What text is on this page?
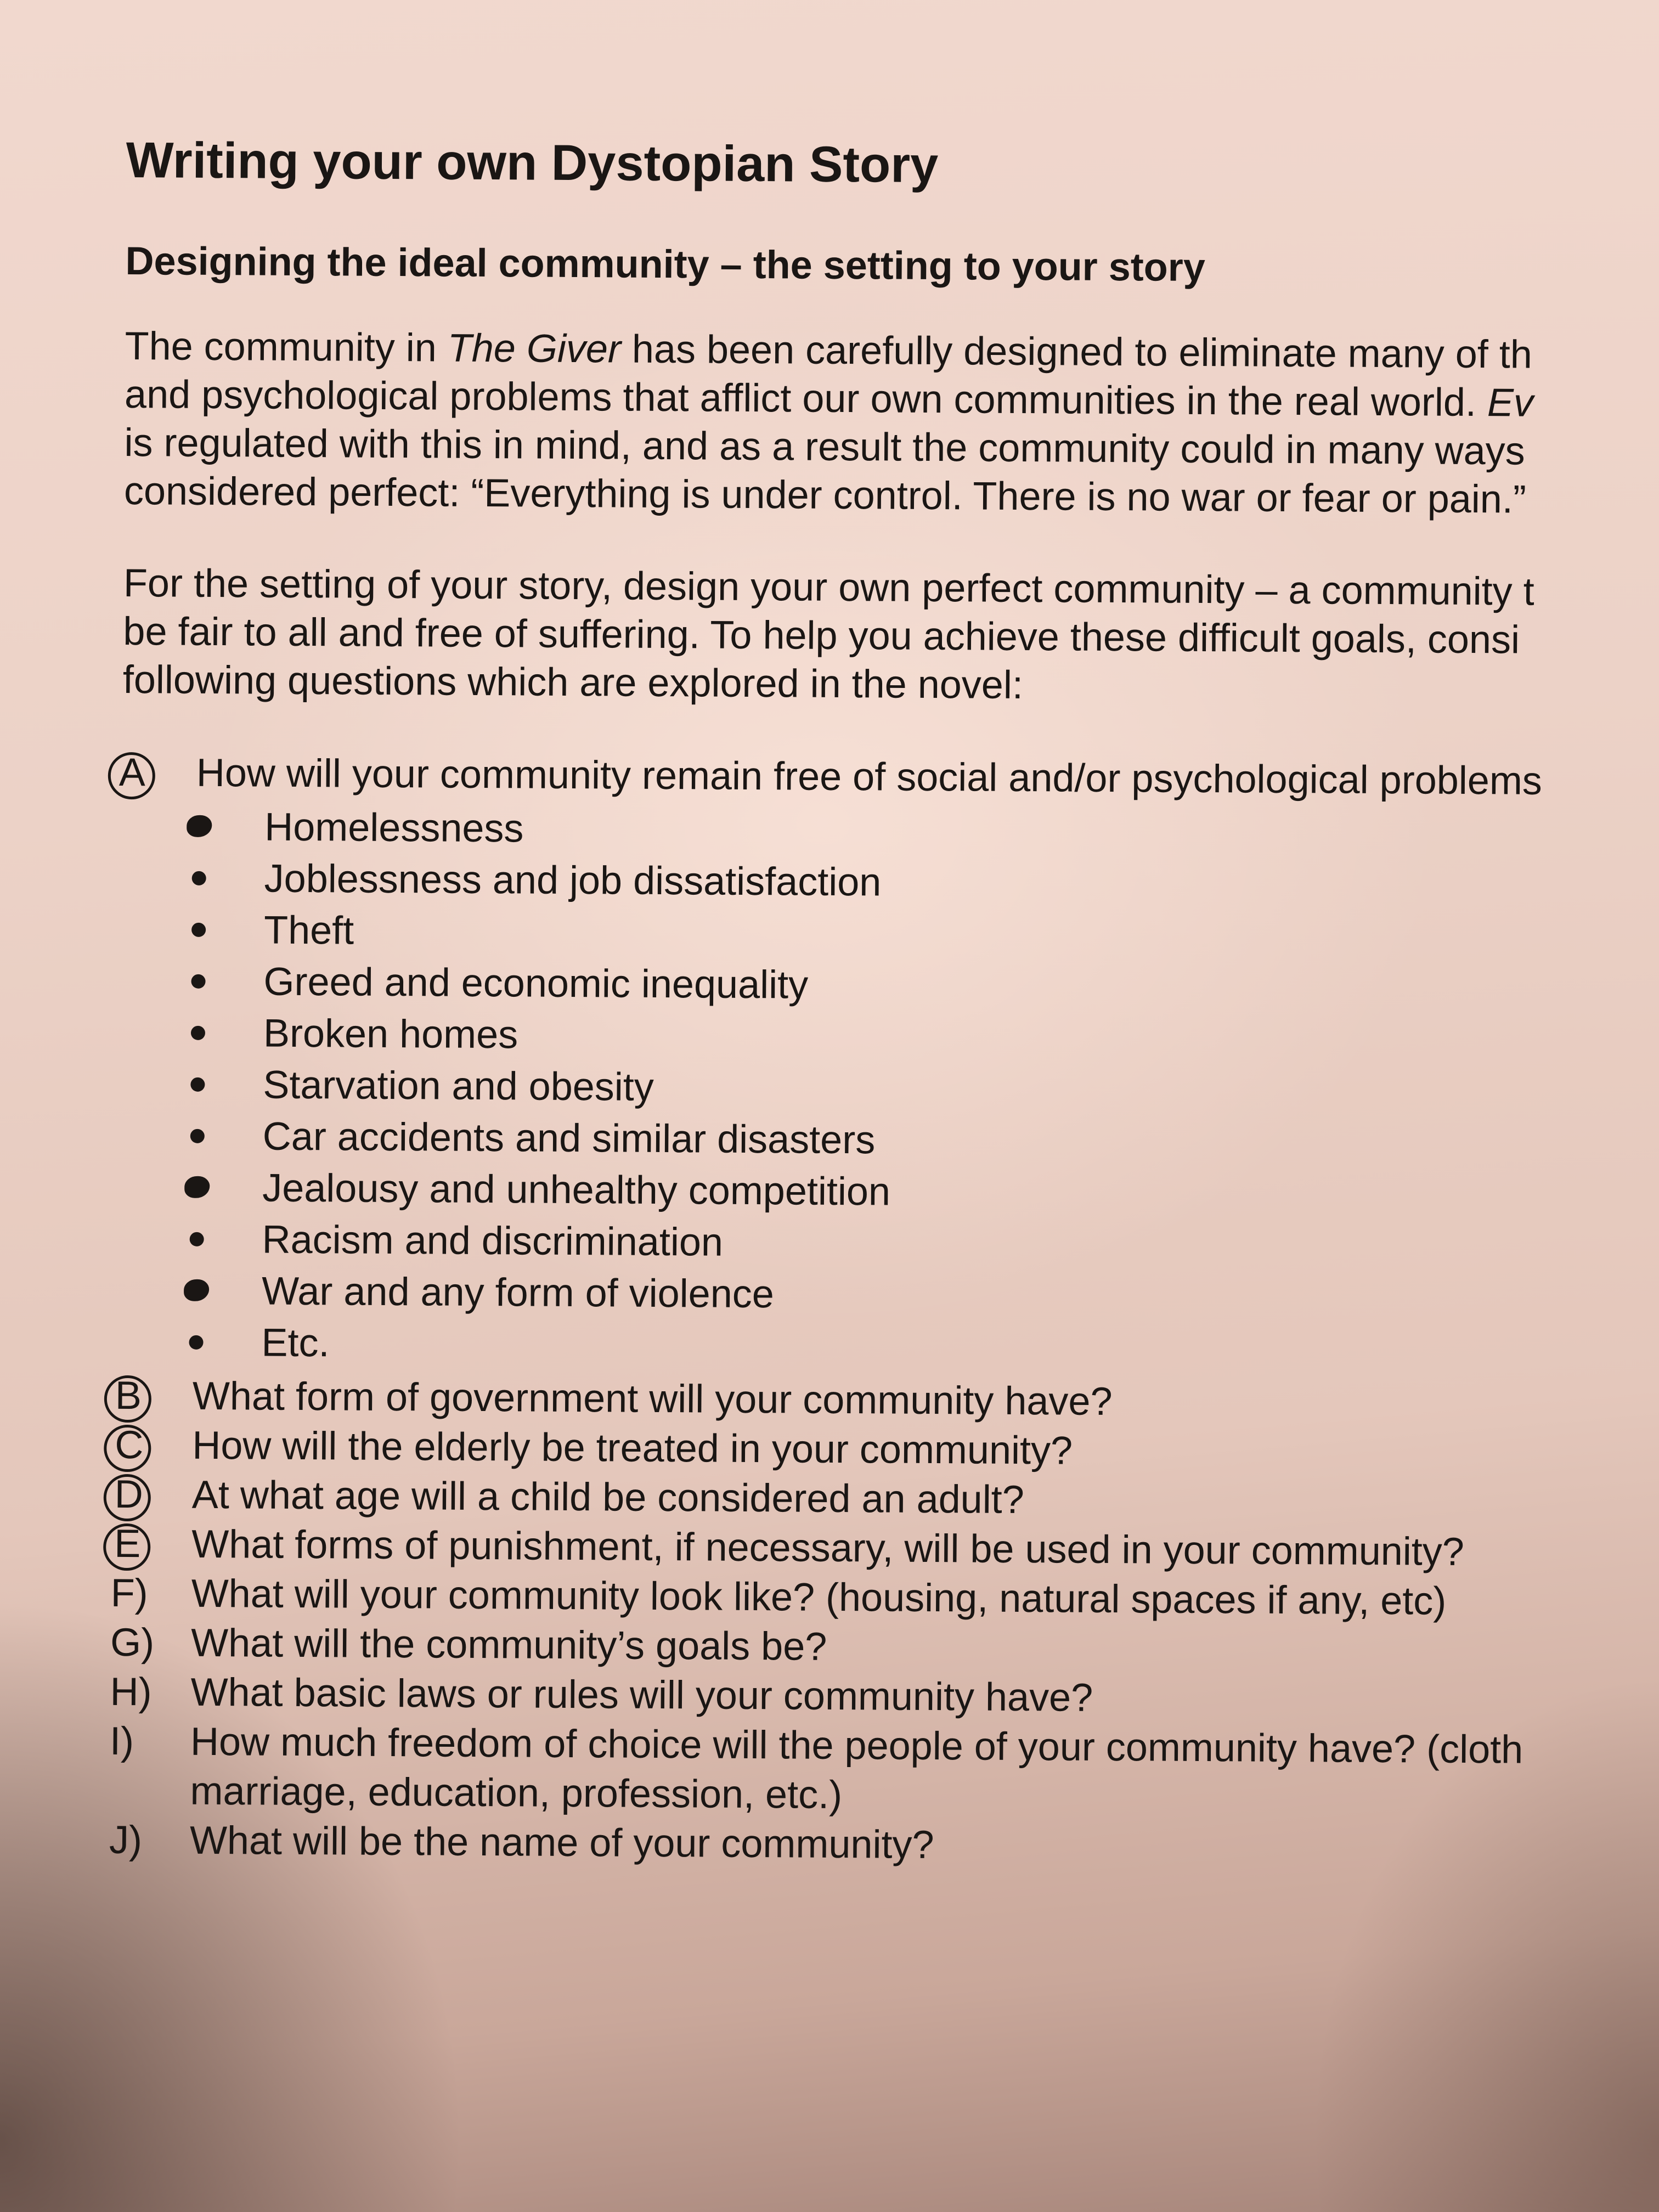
Writing your own Dystopian Story
Designing the ideal community – the setting to your story

The community in The Giver has been carefully designed to eliminate many of th
and psychological problems that afflict our own communities in the real world. Ev
is regulated with this in mind, and as a result the community could in many ways
considered perfect: “Everything is under control. There is no war or fear or pain.”

For the setting of your story, design your own perfect community – a community t
be fair to all and free of suffering. To help you achieve these difficult goals, consi
following questions which are explored in the novel:

A	How will your community remain free of social and/or psychological problems
Homelessness
Joblessness and job dissatisfaction
Theft
Greed and economic inequality
Broken homes
Starvation and obesity
Car accidents and similar disasters
Jealousy and unhealthy competition
Racism and discrimination
War and any form of violence
Etc.
B	What form of government will your community have?
C	How will the elderly be treated in your community?
D	At what age will a child be considered an adult?
E	What forms of punishment, if necessary, will be used in your community?
F)	What will your community look like? (housing, natural spaces if any, etc)
G) What will the community’s goals be?
H) What basic laws or rules will your community have?
I)	How much freedom of choice will the people of your community have? (cloth
marriage, education, profession, etc.)
J)	What will be the name of your community?
